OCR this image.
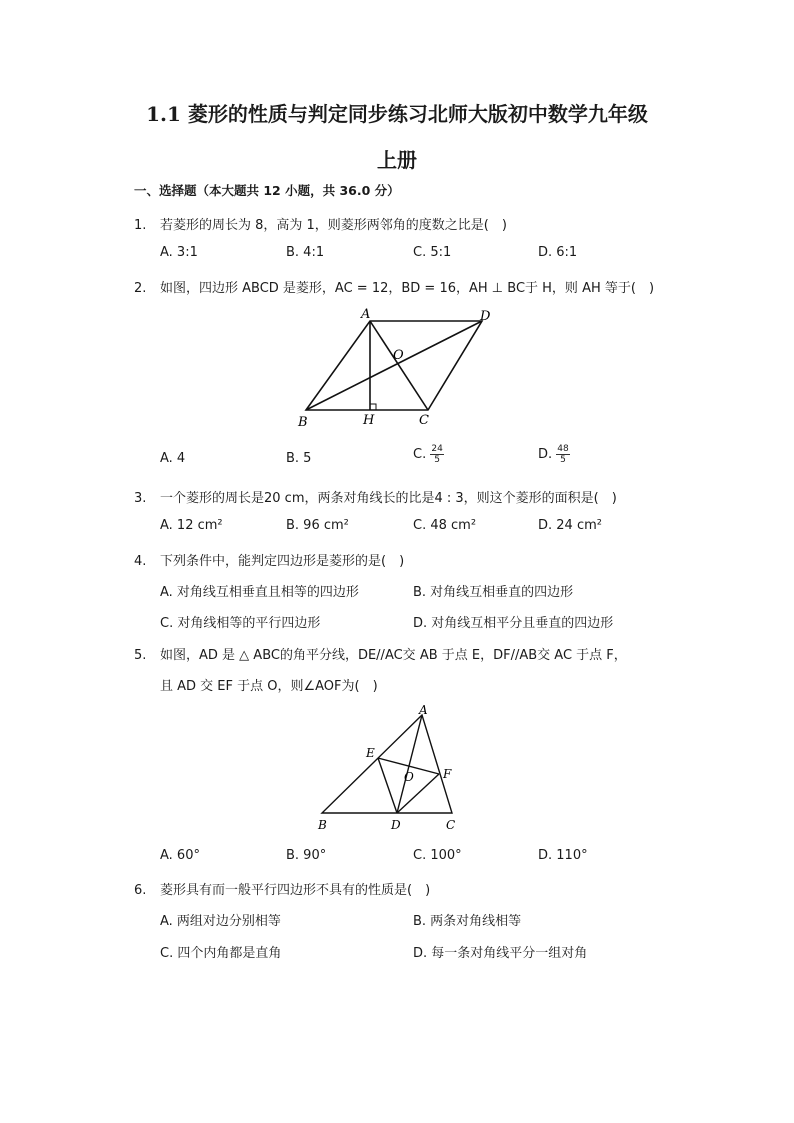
1.1 菱形的性质与判定同步练习北师大版初中数学九年级
上册
一、选择题（本大题共 12 小题，共 36.0 分）
1. 若菱形的周长为 8，高为 1，则菱形两邻角的度数之比是(　)
A. 3:1	B. 4:1	C. 5:1	D. 6:1
2. 如图，四边形 ABCD 是菱形，AC = 12，BD = 16，AH ⊥ BC于 H，则 AH 等于(　)
A	D
O
B	H	C
A. 4	B. 5	C. $\frac{24}{5}$	D. $\frac{48}{5}$
3. 一个菱形的周长是20 cm，两条对角线长的比是4 : 3，则这个菱形的面积是(　)
A. 12 cm²	B. 96 cm²	C. 48 cm²	D. 24 cm²
4. 下列条件中，能判定四边形是菱形的是(　)
A. 对角线互相垂直且相等的四边形	B. 对角线互相垂直的四边形
C. 对角线相等的平行四边形	D. 对角线互相平分且垂直的四边形
5. 如图，AD 是 △ ABC的角平分线，DE//AC交 AB 于点 E，DF//AB交 AC 于点 F，
且 AD 交 EF 于点 O，则∠AOF为(　)
A
E
O F
B	D	C
A. 60°	B. 90°	C. 100°	D. 110°
6. 菱形具有而一般平行四边形不具有的性质是(　)
A. 两组对边分别相等	B. 两条对角线相等
C. 四个内角都是直角	D. 每一条对角线平分一组对角
